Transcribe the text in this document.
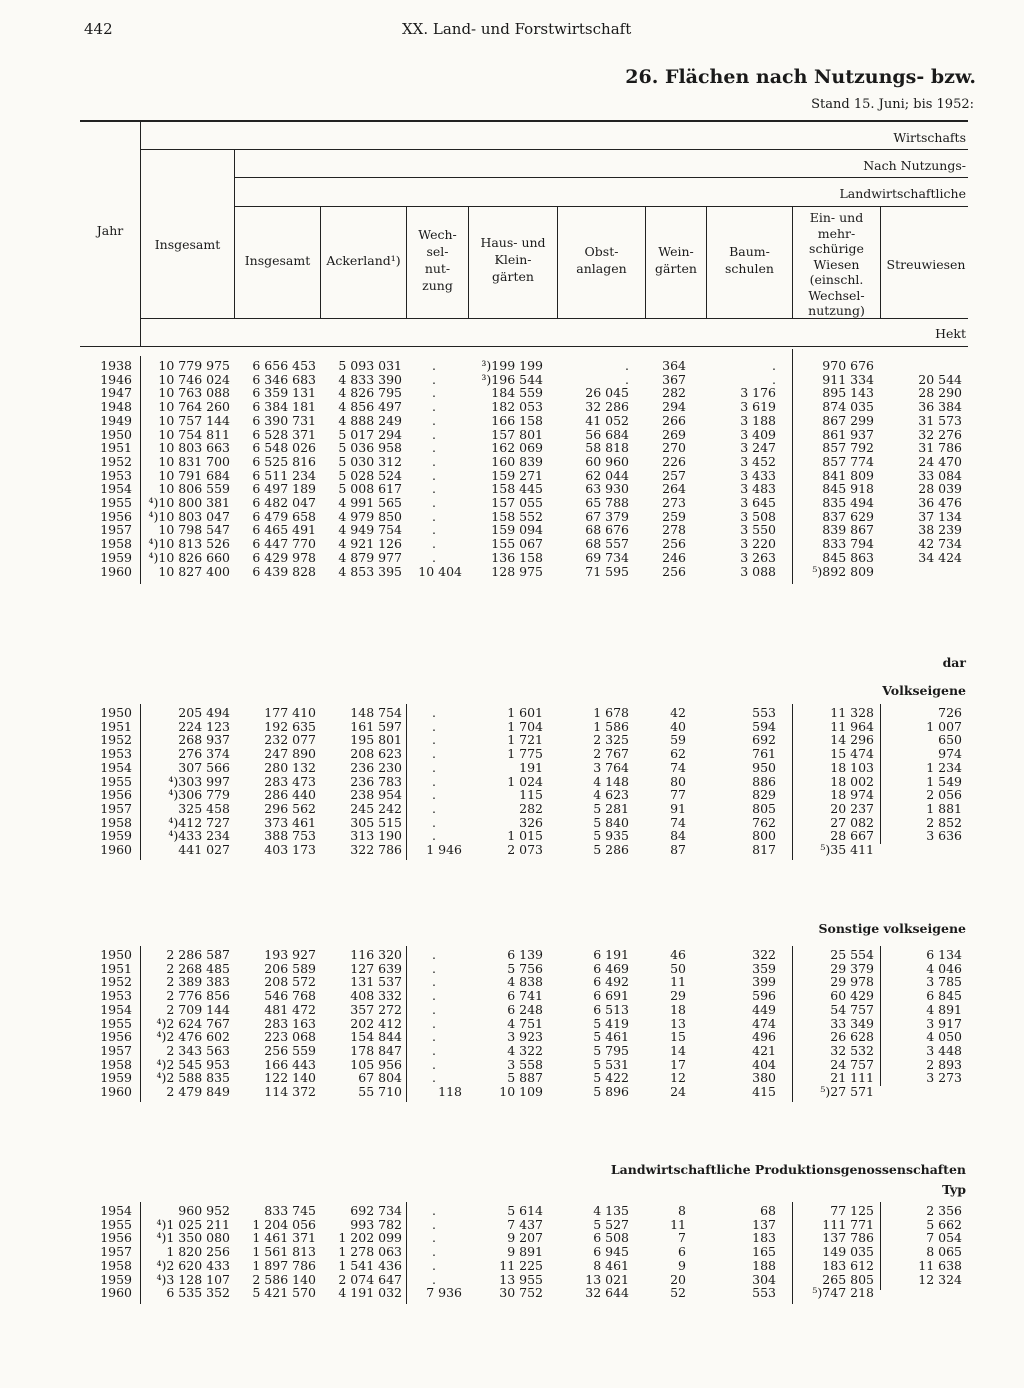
442	XX. Land- und Forstwirtschaft
26. Flächen nach Nutzungs- bzw.
Stand 15. Juni; bis 1952:
Jahr
Wirtschafts
Nach Nutzungs-
Landwirtschaftliche
Insgesamt
Insgesamt	Ackerland¹)
Wech-
sel-
nut-
zung
Haus- und
Klein-
gärten
Obst-
anlagen
Wein-
gärten
Baum-
schulen
Ein- und
mehr-
schürige
Wiesen
(einschl.
Wechsel-
nutzung)
Streuwiesen
Hekt
dar
Volkseigene
Sonstige volkseigene
Landwirtschaftliche Produktionsgenossenschaften
Typ
1938	10 779 975	6 656 453	5 093 031	.	³)199 199	.	364	.	970 676	
1946	10 746 024	6 346 683	4 833 390	.	³)196 544	.	367	.	911 334	20 544
1947	10 763 088	6 359 131	4 826 795	.	184 559	26 045	282	3 176	895 143	28 290
1948	10 764 260	6 384 181	4 856 497	.	182 053	32 286	294	3 619	874 035	36 384
1949	10 757 144	6 390 731	4 888 249	.	166 158	41 052	266	3 188	867 299	31 573
1950	10 754 811	6 528 371	5 017 294	.	157 801	56 684	269	3 409	861 937	32 276
1951	10 803 663	6 548 026	5 036 958	.	162 069	58 818	270	3 247	857 792	31 786
1952	10 831 700	6 525 816	5 030 312	.	160 839	60 960	226	3 452	857 774	24 470
1953	10 791 684	6 511 234	5 028 524	.	159 271	62 044	257	3 433	841 809	33 084
1954	10 806 559	6 497 189	5 008 617	.	158 445	63 930	264	3 483	845 918	28 039
1955	⁴)10 800 381	6 482 047	4 991 565	.	157 055	65 788	273	3 645	835 494	36 476
1956	⁴)10 803 047	6 479 658	4 979 850	.	158 552	67 379	259	3 508	837 629	37 134
1957	10 798 547	6 465 491	4 949 754	.	159 094	68 676	278	3 550	839 867	38 239
1958	⁴)10 813 526	6 447 770	4 921 126	.	155 067	68 557	256	3 220	833 794	42 734
1959	⁴)10 826 660	6 429 978	4 879 977	.	136 158	69 734	246	3 263	845 863	34 424
1960	10 827 400	6 439 828	4 853 395	10 404	128 975	71 595	256	3 088	⁵)892 809	
1950	205 494	177 410	148 754	.	1 601	1 678	42	553	11 328	726
1951	224 123	192 635	161 597	.	1 704	1 586	40	594	11 964	1 007
1952	268 937	232 077	195 801	.	1 721	2 325	59	692	14 296	650
1953	276 374	247 890	208 623	.	1 775	2 767	62	761	15 474	974
1954	307 566	280 132	236 230	.	191	3 764	74	950	18 103	1 234
1955	⁴)303 997	283 473	236 783	.	1 024	4 148	80	886	18 002	1 549
1956	⁴)306 779	286 440	238 954	.	115	4 623	77	829	18 974	2 056
1957	325 458	296 562	245 242	.	282	5 281	91	805	20 237	1 881
1958	⁴)412 727	373 461	305 515	.	326	5 840	74	762	27 082	2 852
1959	⁴)433 234	388 753	313 190	.	1 015	5 935	84	800	28 667	3 636
1960	441 027	403 173	322 786	1 946	2 073	5 286	87	817	⁵)35 411	
1950	2 286 587	193 927	116 320	.	6 139	6 191	46	322	25 554	6 134
1951	2 268 485	206 589	127 639	.	5 756	6 469	50	359	29 379	4 046
1952	2 389 383	208 572	131 537	.	4 838	6 492	11	399	29 978	3 785
1953	2 776 856	546 768	408 332	.	6 741	6 691	29	596	60 429	6 845
1954	2 709 144	481 472	357 272	.	6 248	6 513	18	449	54 757	4 891
1955	⁴)2 624 767	283 163	202 412	.	4 751	5 419	13	474	33 349	3 917
1956	⁴)2 476 602	223 068	154 844	.	3 923	5 461	15	496	26 628	4 050
1957	2 343 563	256 559	178 847	.	4 322	5 795	14	421	32 532	3 448
1958	⁴)2 545 953	166 443	105 956	.	3 558	5 531	17	404	24 757	2 893
1959	⁴)2 588 835	122 140	67 804	.	5 887	5 422	12	380	21 111	3 273
1960	2 479 849	114 372	55 710	118	10 109	5 896	24	415	⁵)27 571	
1954	960 952	833 745	692 734	.	5 614	4 135	8	68	77 125	2 356
1955	⁴)1 025 211	1 204 056	993 782	.	7 437	5 527	11	137	111 771	5 662
1956	⁴)1 350 080	1 461 371	1 202 099	.	9 207	6 508	7	183	137 786	7 054
1957	1 820 256	1 561 813	1 278 063	.	9 891	6 945	6	165	149 035	8 065
1958	⁴)2 620 433	1 897 786	1 541 436	.	11 225	8 461	9	188	183 612	11 638
1959	⁴)3 128 107	2 586 140	2 074 647	.	13 955	13 021	20	304	265 805	12 324
1960	6 535 352	5 421 570	4 191 032	7 936	30 752	32 644	52	553	⁵)747 218	
